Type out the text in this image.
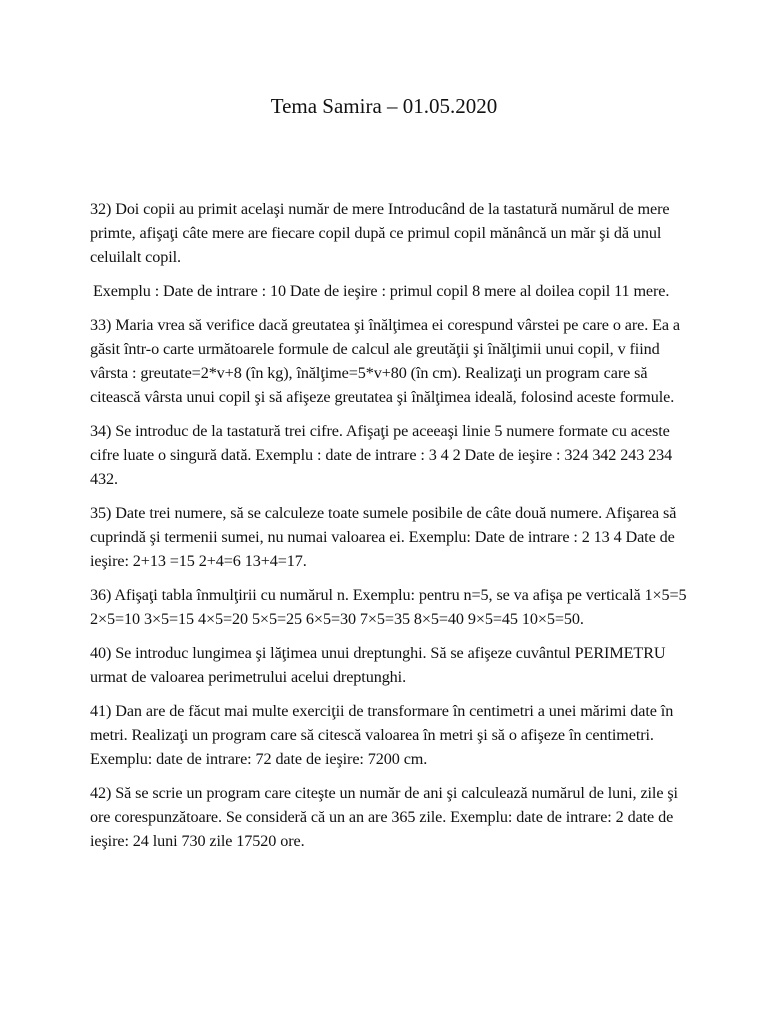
Tema Samira – 01.05.2020

32) Doi copii au primit acelaşi număr de mere Introducând de la tastatură numărul de mere primte, afişaţi câte mere are fiecare copil după ce primul copil mănâncă un măr şi dă unul celuilalt copil.

Exemplu : Date de intrare : 10 Date de ieşire : primul copil 8 mere al doilea copil 11 mere.

33) Maria vrea să verifice dacă greutatea şi înălţimea ei corespund vârstei pe care o are. Ea a găsit într-o carte următoarele formule de calcul ale greutăţii şi înălţimii unui copil, v fiind vârsta : greutate=2*v+8 (în kg), înălţime=5*v+80 (în cm). Realizaţi un program care să citească vârsta unui copil şi să afişeze greutatea şi înălţimea ideală, folosind aceste formule.

34) Se introduc de la tastatură trei cifre. Afişaţi pe aceeaşi linie 5 numere formate cu aceste cifre luate o singură dată. Exemplu : date de intrare : 3 4 2 Date de ieşire : 324 342 243 234 432.

35) Date trei numere, să se calculeze toate sumele posibile de câte două numere. Afişarea să cuprindă şi termenii sumei, nu numai valoarea ei. Exemplu: Date de intrare : 2 13 4 Date de ieşire: 2+13 =15 2+4=6 13+4=17.

36) Afişaţi tabla înmulţirii cu numărul n. Exemplu: pentru n=5, se va afişa pe verticală 1×5=5 2×5=10 3×5=15 4×5=20 5×5=25 6×5=30 7×5=35 8×5=40 9×5=45 10×5=50.

40) Se introduc lungimea şi lăţimea unui dreptunghi. Să se afişeze cuvântul PERIMETRU urmat de valoarea perimetrului acelui dreptunghi.

41) Dan are de făcut mai multe exerciţii de transformare în centimetri a unei mărimi date în metri. Realizaţi un program care să citescă valoarea în metri şi să o afişeze în centimetri. Exemplu: date de intrare: 72 date de ieşire: 7200 cm.

42) Să se scrie un program care citeşte un număr de ani şi calculează numărul de luni, zile şi ore corespunzătoare. Se consideră că un an are 365 zile. Exemplu: date de intrare: 2 date de ieşire: 24 luni 730 zile 17520 ore.
